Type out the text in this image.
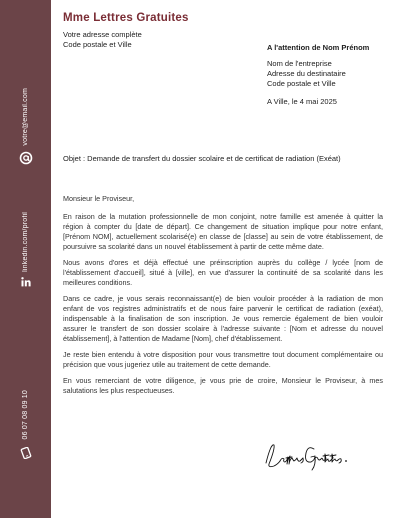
votre@email.com
linkedin.com/profil
06 07 08 09 10
Mme Lettres Gratuites
Votre adresse complète
Code postale et Ville	A l'attention de Nom Prénom
Nom de l'entreprise
Adresse du destinataire
Code postale et Ville
A Ville, le 4 mai 2025
Objet : Demande de transfert du dossier scolaire et de certificat de radiation (Exéat)

Monsieur le Proviseur,

En raison de la mutation professionnelle de mon conjoint, notre famille est amenée à quitter la région à compter du [date de départ]. Ce changement de situation implique pour notre enfant, [Prénom NOM], actuellement scolarisé(e) en classe de [classe] au sein de votre établissement, de poursuivre sa scolarité dans un nouvel établissement à partir de cette même date.

Nous avons d'ores et déjà effectué une préinscription auprès du collège / lycée [nom de l'établissement d'accueil], situé à [ville], en vue d'assurer la continuité de sa scolarité dans les meilleures conditions.

Dans ce cadre, je vous serais reconnaissant(e) de bien vouloir procéder à la radiation de mon enfant de vos registres administratifs et de nous faire parvenir le certificat de radiation (exéat), indispensable à la finalisation de son inscription. Je vous remercie également de bien vouloir assurer le transfert de son dossier scolaire à l'adresse suivante : [Nom et adresse du nouvel établissement], à l'attention de Madame [Nom], chef d'établissement.

Je reste bien entendu à votre disposition pour vous transmettre tout document complémentaire ou précision que vous jugeriez utile au traitement de cette demande.

En vous remerciant de votre diligence, je vous prie de croire, Monsieur le Proviseur, à mes salutations les plus respectueuses.
